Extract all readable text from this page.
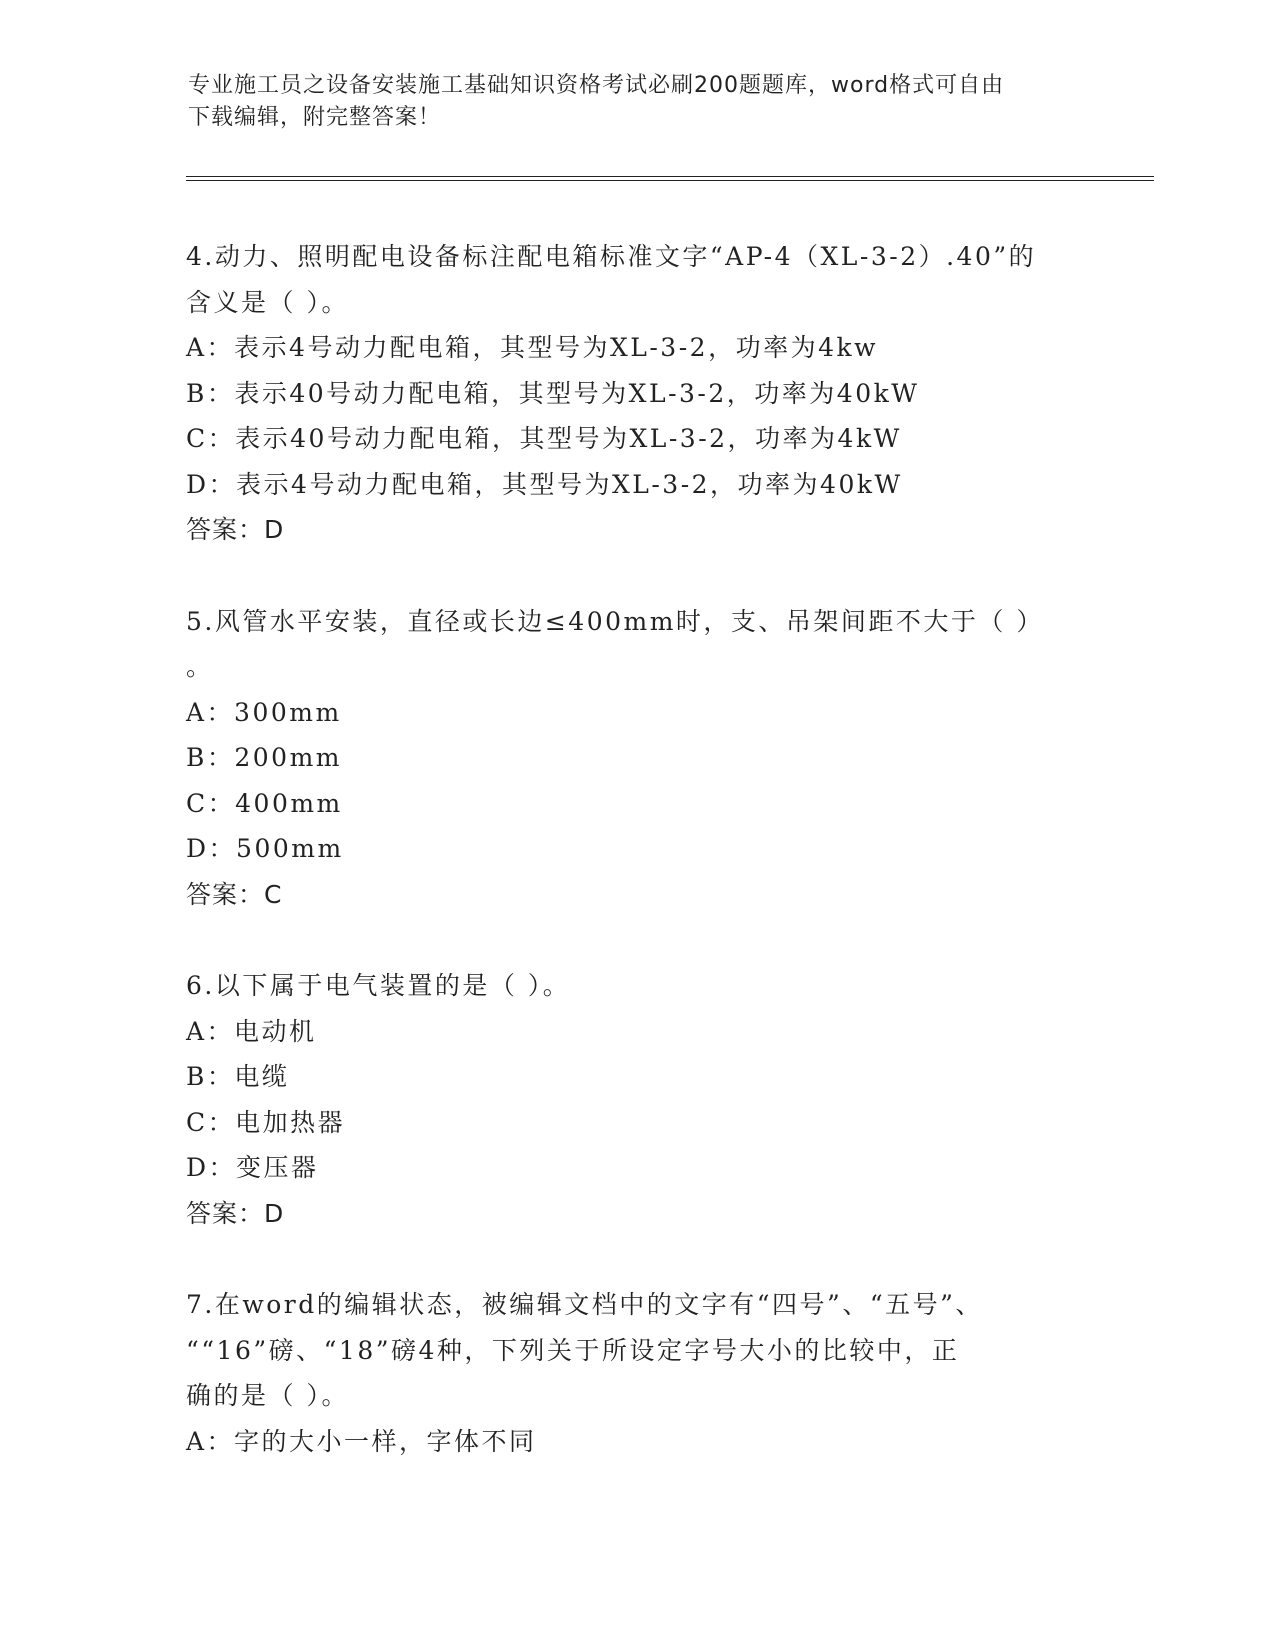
专业施工员之设备安装施工基础知识资格考试必刷200题题库，word格式可自由
下载编辑，附完整答案！
4.动力、照明配电设备标注配电箱标准文字“AP-4（XL-3-2）.40”的
含义是（ ）。
A：表示4号动力配电箱，其型号为XL-3-2，功率为4kw
B：表示40号动力配电箱，其型号为XL-3-2，功率为40kW
C：表示40号动力配电箱，其型号为XL-3-2，功率为4kW
D：表示4号动力配电箱，其型号为XL-3-2，功率为40kW
答案：D
5.风管水平安装，直径或长边≤400mm时，支、吊架间距不大于（ ）
。
A：300mm
B：200mm
C：400mm
D：500mm
答案：C
6.以下属于电气装置的是（ ）。
A：电动机
B：电缆
C：电加热器
D：变压器
答案：D
7.在word的编辑状态，被编辑文档中的文字有“四号”、“五号”、
““16”磅、“18”磅4种，下列关于所设定字号大小的比较中，正
确的是（ ）。
A：字的大小一样，字体不同
